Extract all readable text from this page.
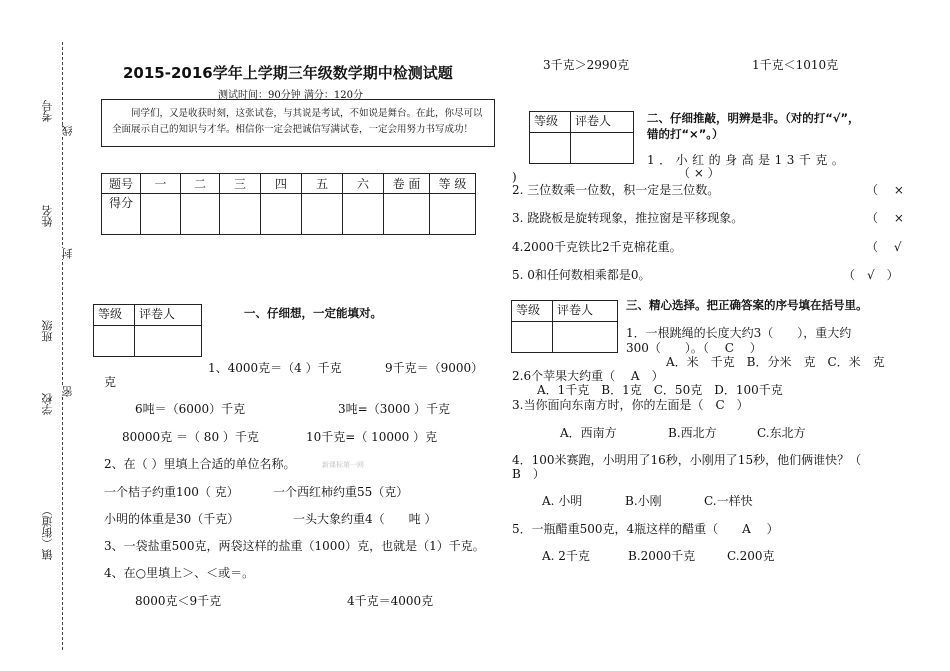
考号
线
姓名
封
班级
学校
密
镇（街道）
2015-2016学年上学期三年级数学期中检测试题
测试时间：90分钟 满分：120分
同学们，又是收获时刻，这张试卷，与其说是考试，不如说是舞台。在此，你尽可以全面展示自己的知识与才华。相信你一定会把诚信写满试卷，一定会用努力书写成功！
题号	一	二	三	四	五	六	卷 面	等 级
得分								
等级	评卷人
		一、仔细想，一定能填对。
1、4000克＝（4 ）千克	9千克＝（9000）
克
6吨＝（6000）千克	3吨=（3000 ）千克
80000克 ＝（ 80 ）千克	10千克=（ 10000 ）克
2、在（ ）里填上合适的单位名称。	新课标第一网
一个桔子约重100（ 克）	一个西红柿约重55（克）
小明的体重是30（千克）	一头大象约重4（　　吨 ）
3、一袋盐重500克，两袋这样的盐重（1000）克，也就是（1）千克。
4、在○里填上＞、＜或＝。
8000克＜9千克	4千克＝4000克
3千克＞2990克	1千克＜1010克
等级	评卷人
		二、仔细推敲，明辨是非。（对的打“√”，
错的打“×”。）
1．小红的身高是13千克。
（ × ）
)
2. 三位数乘一位数，积一定是三位数。	（　 ×
3. 跷跷板是旋转现象，推拉窗是平移现象。	（　 ×
4.2000千克铁比2千克棉花重。	（　 √
5. 0和任何数相乘都是0。	（　√　）
等级	评卷人
		三、精心选择。把正确答案的序号填在括号里。
1．一根跳绳的长度大约3（　　），重大约
300（　　）。（　 C　 ）
A．米　千克　B．分米　克　C．米　克
2.6个苹果大约重（　 A　）
A．1千克　B．1克　C．50克　D．100千克
3.当你面向东南方时，你的左面是（　C　）
A．西南方	B.西北方	C.东北方
4．100米赛跑，小明用了16秒，小刚用了15秒，他们俩谁快？（
B　）
A. 小明	B.小刚	C.一样快
5．一瓶醋重500克，4瓶这样的醋重（　　A　 ）
A. 2千克	B.2000千克	C.200克
